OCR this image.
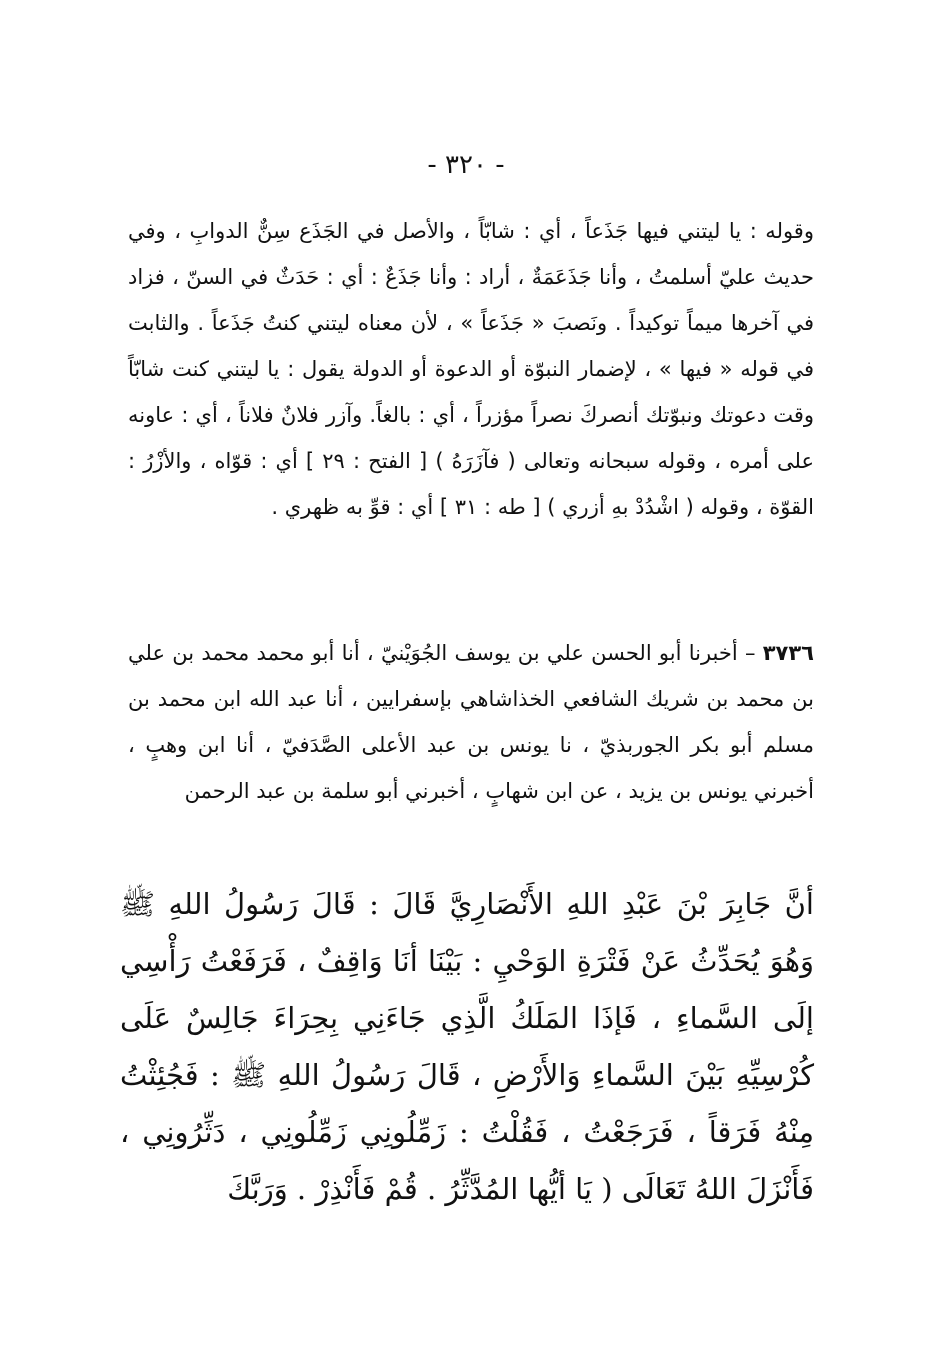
- ٣٢٠ -

وقوله : يا ليتني فيها جَذَعاً ، أي : شابّاً ، والأصل في الجَذَع سِنٌّ الدوابِ ، وفي حديث عليّ أسلمتُ ، وأنا جَذَعَمَةٌ ، أراد : وأنا جَذَعٌ : أي : حَدَثٌ في السنّ ، فزاد في آخرها ميماً توكيداً . ونَصبَ « جَذَعاً » ، لأن معناه ليتني كنتُ جَذَعاً . والثابت في قوله « فيها » ، لإضمار النبوّة أو الدعوة أو الدولة يقول : يا ليتني كنت شابّاً وقت دعوتك ونبوّتك أنصركَ نصراً مؤزراً ، أي : بالغاً. وآزر فلانٌ فلاناً ، أي : عاونه على أمره ، وقوله سبحانه وتعالى ( فآزَرَهُ ) [ الفتح : ٢٩ ] أي : قوّاه ، والأزْرُ : القوّة ، وقوله ( اشْدُدْ بهِ أزري ) [ طه : ٣١ ] أي : قوِّ به ظهري .

٣٧٣٦ – أخبرنا أبو الحسن علي بن يوسف الجُوَيْنيّ ، أنا أبو محمد محمد بن علي بن محمد بن شريك الشافعي الخذاشاهي بإسفرايين ، أنا عبد الله ابن محمد بن مسلم أبو بكر الجوربذيّ ، نا يونس بن عبد الأعلى الصَّدَفيّ ، أنا ابن وهبٍ ، أخبرني يونس بن يزيد ، عن ابن شهابٍ ، أخبرني أبو سلمة بن عبد الرحمن

أنَّ جَابِرَ بْنَ عَبْدِ اللهِ الأَنْصَارِيَّ قَالَ : قَالَ رَسُولُ اللهِ ﷺ وَهُوَ يُحَدِّثُ عَنْ فَتْرَةِ الوَحْيِ : بَيْنَا أنَا وَاقِفٌ ، فَرَفَعْتُ رَأْسِي إلَى السَّماءِ ، فَإذَا المَلَكُ الَّذِي جَاءَنِي بِحِرَاءَ جَالِسٌ عَلَى كُرْسِيِّهِ بَيْنَ السَّماءِ وَالأَرْضِ ، قَالَ رَسُولُ اللهِ ﷺ : فَجُئِثْتُ مِنْهُ فَرَقاً ، فَرَجَعْتُ ، فَقُلْتُ : زَمِّلُونِي زَمِّلُونِي ، دَثِّرُونِي ، فَأَنْزَلَ اللهُ تَعَالَى ( يَا أيُّها المُدَّثِّرُ . قُمْ فَأَنْذِرْ . وَرَبَّكَ
